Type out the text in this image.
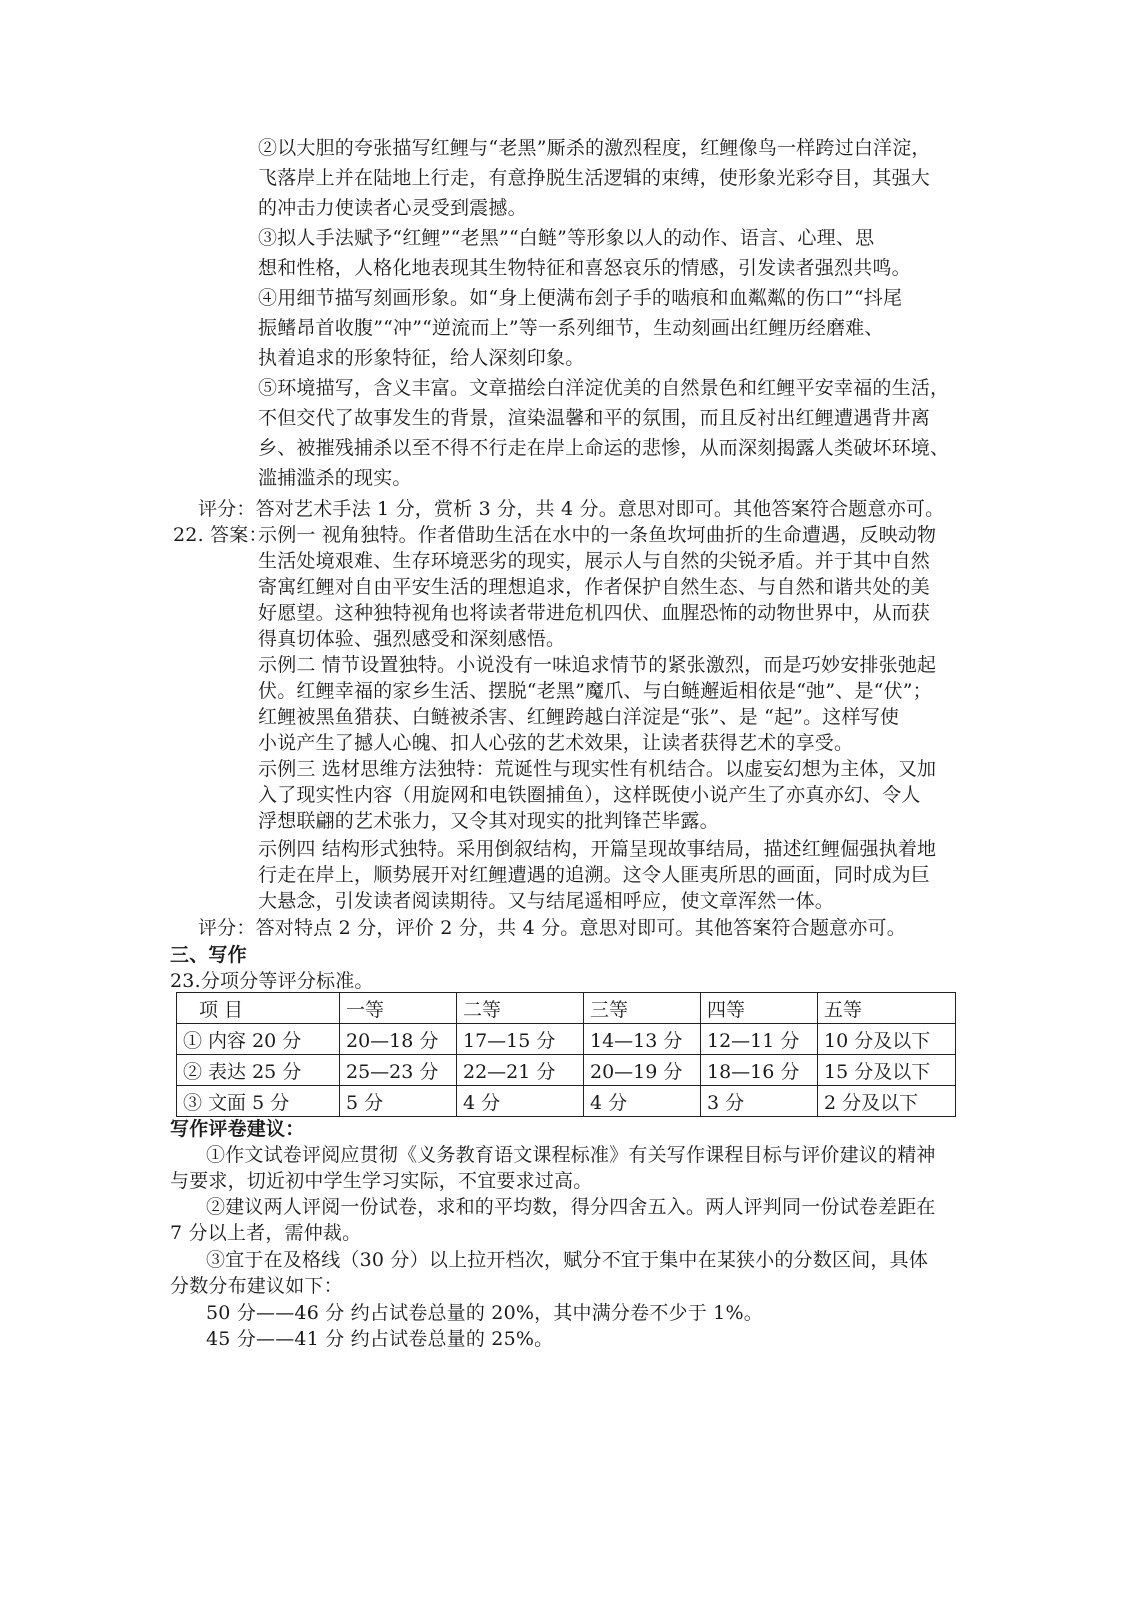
②以大胆的夸张描写红鲤与“老黑”厮杀的激烈程度，红鲤像鸟一样跨过白洋淀，
飞落岸上并在陆地上行走，有意挣脱生活逻辑的束缚，使形象光彩夺目，其强大
的冲击力使读者心灵受到震撼。
③拟人手法赋予“红鲤”“老黑”“白鲢”等形象以人的动作、语言、心理、思
想和性格，人格化地表现其生物特征和喜怒哀乐的情感，引发读者强烈共鸣。
④用细节描写刻画形象。如“身上便满布刽子手的啮痕和血粼粼的伤口”“抖尾
振鳍昂首收腹”“冲”“逆流而上”等一系列细节，生动刻画出红鲤历经磨难、
执着追求的形象特征，给人深刻印象。
⑤环境描写，含义丰富。文章描绘白洋淀优美的自然景色和红鲤平安幸福的生活，
不但交代了故事发生的背景，渲染温馨和平的氛围，而且反衬出红鲤遭遇背井离
乡、被摧残捕杀以至不得不行走在岸上命运的悲惨，从而深刻揭露人类破坏环境、
滥捕滥杀的现实。
评分：答对艺术手法 1 分，赏析 3 分，共 4 分。意思对即可。其他答案符合题意亦可。
22. 答案：
示例一 视角独特。作者借助生活在水中的一条鱼坎坷曲折的生命遭遇，反映动物
生活处境艰难、生存环境恶劣的现实，展示人与自然的尖锐矛盾。并于其中自然
寄寓红鲤对自由平安生活的理想追求，作者保护自然生态、与自然和谐共处的美
好愿望。这种独特视角也将读者带进危机四伏、血腥恐怖的动物世界中，从而获
得真切体验、强烈感受和深刻感悟。
示例二 情节设置独特。小说没有一味追求情节的紧张激烈，而是巧妙安排张弛起
伏。红鲤幸福的家乡生活、摆脱“老黑”魔爪、与白鲢邂逅相依是“弛”、是“伏”；
红鲤被黑鱼猎获、白鲢被杀害、红鲤跨越白洋淀是“张”、是 “起”。这样写使
小说产生了撼人心魄、扣人心弦的艺术效果，让读者获得艺术的享受。
示例三 选材思维方法独特：荒诞性与现实性有机结合。以虚妄幻想为主体，又加
入了现实性内容（用旋网和电铁圈捕鱼），这样既使小说产生了亦真亦幻、令人
浮想联翩的艺术张力，又令其对现实的批判锋芒毕露。
示例四 结构形式独特。采用倒叙结构，开篇呈现故事结局，描述红鲤倔强执着地
行走在岸上，顺势展开对红鲤遭遇的追溯。这令人匪夷所思的画面，同时成为巨
大悬念，引发读者阅读期待。又与结尾遥相呼应，使文章浑然一体。
评分：答对特点 2 分，评价 2 分，共 4 分。意思对即可。其他答案符合题意亦可。
三、写作
23.分项分等评分标准。
项 目	一等	二等	三等	四等	五等
① 内容 20 分	20—18 分	17—15 分	14—13 分	12—11 分	10 分及以下
② 表达 25 分	25—23 分	22—21 分	20—19 分	18—16 分	15 分及以下
③ 文面 5 分	5 分	4 分	4 分	3 分	2 分及以下
写作评卷建议：
①作文试卷评阅应贯彻《义务教育语文课程标准》有关写作课程目标与评价建议的精神
与要求，切近初中学生学习实际，不宜要求过高。
②建议两人评阅一份试卷，求和的平均数，得分四舍五入。两人评判同一份试卷差距在
7 分以上者，需仲裁。
③宜于在及格线（30 分）以上拉开档次，赋分不宜于集中在某狭小的分数区间，具体
分数分布建议如下：
50 分——46 分 约占试卷总量的 20%，其中满分卷不少于 1%。
45 分——41 分 约占试卷总量的 25%。
